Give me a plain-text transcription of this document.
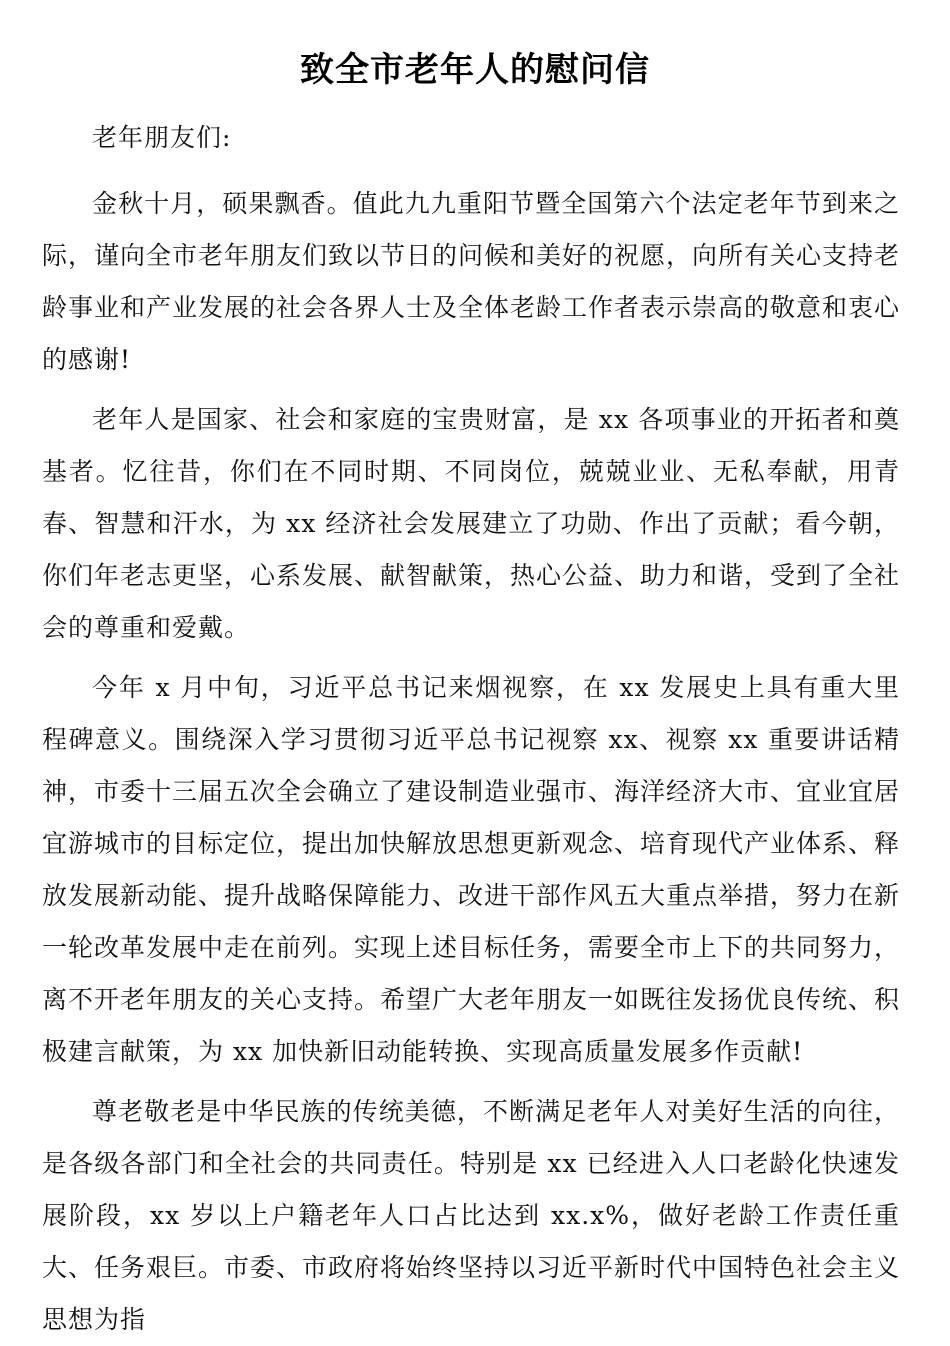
致全市老年人的慰问信

老年朋友们:

金秋十月，硕果飘香。值此九九重阳节暨全国第六个法定老年节到来之际，谨向全市老年朋友们致以节日的问候和美好的祝愿，向所有关心支持老龄事业和产业发展的社会各界人士及全体老龄工作者表示崇高的敬意和衷心的感谢!

老年人是国家、社会和家庭的宝贵财富，是 xx 各项事业的开拓者和奠基者。忆往昔，你们在不同时期、不同岗位，兢兢业业、无私奉献，用青春、智慧和汗水，为 xx 经济社会发展建立了功勋、作出了贡献；看今朝，你们年老志更坚，心系发展、献智献策，热心公益、助力和谐，受到了全社会的尊重和爱戴。

今年 x 月中旬，习近平总书记来烟视察，在 xx 发展史上具有重大里程碑意义。围绕深入学习贯彻习近平总书记视察 xx、视察 xx 重要讲话精神，市委十三届五次全会确立了建设制造业强市、海洋经济大市、宜业宜居宜游城市的目标定位，提出加快解放思想更新观念、培育现代产业体系、释放发展新动能、提升战略保障能力、改进干部作风五大重点举措，努力在新一轮改革发展中走在前列。实现上述目标任务，需要全市上下的共同努力，离不开老年朋友的关心支持。希望广大老年朋友一如既往发扬优良传统、积极建言献策，为 xx 加快新旧动能转换、实现高质量发展多作贡献!

尊老敬老是中华民族的传统美德，不断满足老年人对美好生活的向往，是各级各部门和全社会的共同责任。特别是 xx 已经进入人口老龄化快速发展阶段，xx 岁以上户籍老年人口占比达到 xx.x%，做好老龄工作责任重大、任务艰巨。市委、市政府将始终坚持以习近平新时代中国特色社会主义思想为指
